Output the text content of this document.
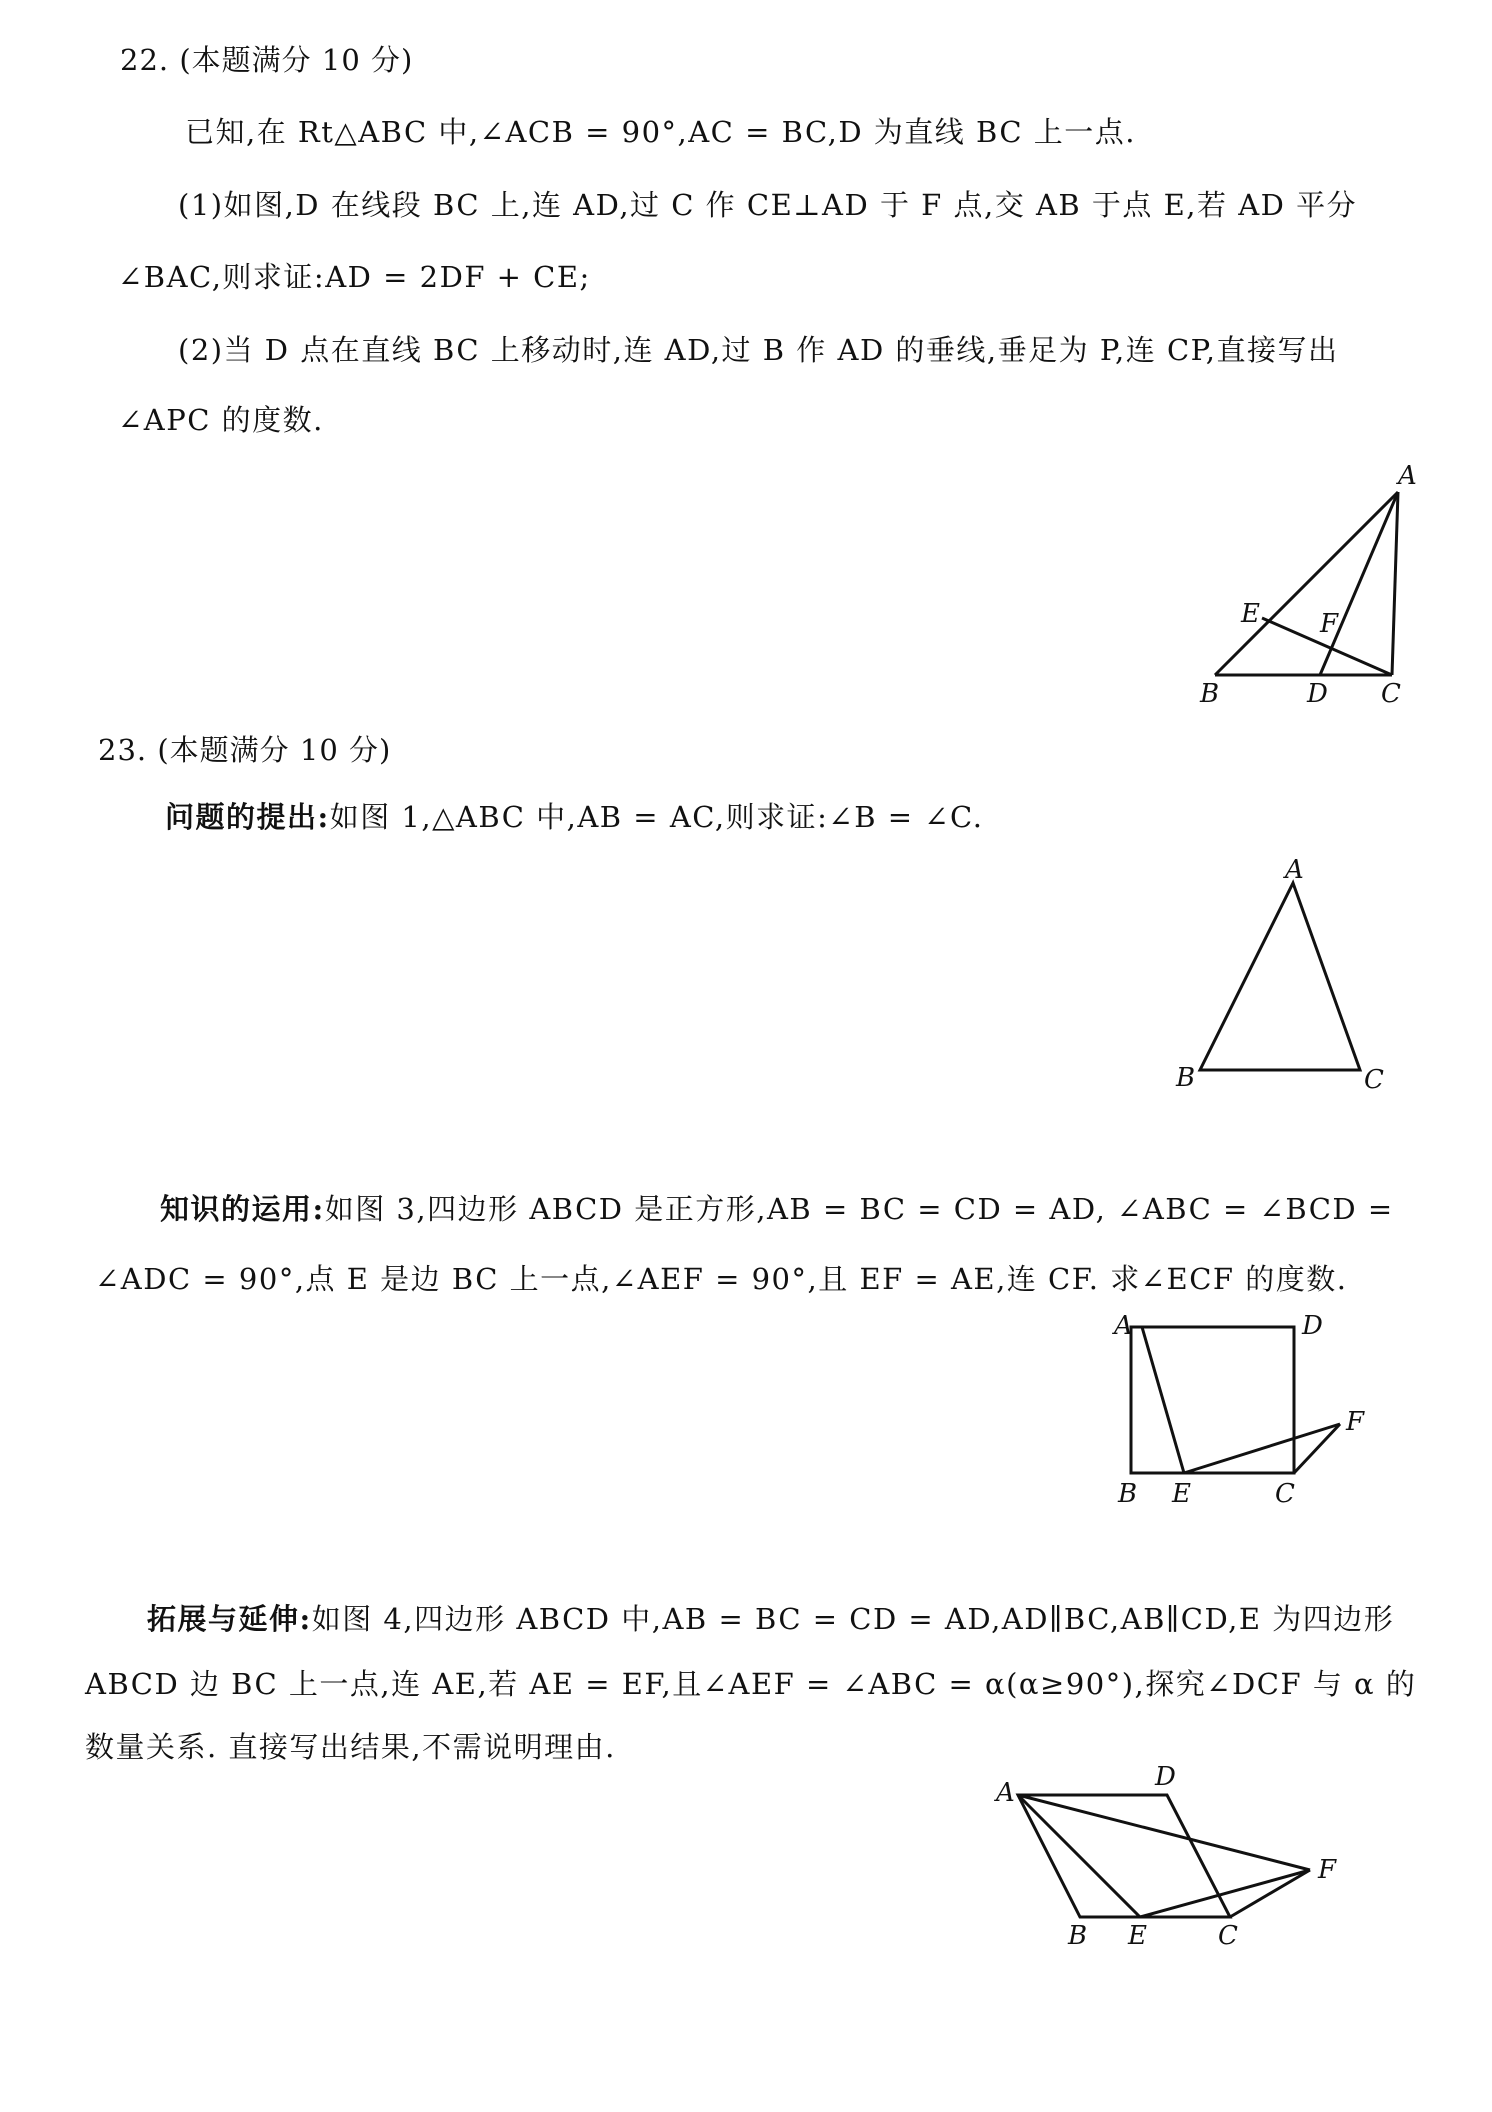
22. (本题满分 10 分)
已知,在 Rt△ABC 中,∠ACB = 90°,AC = BC,D 为直线 BC 上一点.
(1)如图,D 在线段 BC 上,连 AD,过 C 作 CE⊥AD 于 F 点,交 AB 于点 E,若 AD 平分
∠BAC,则求证:AD = 2DF + CE;
(2)当 D 点在直线 BC 上移动时,连 AD,过 B 作 AD 的垂线,垂足为 P,连 CP,直接写出
∠APC 的度数.
A
B	C
D
E F
23. (本题满分 10 分)
问题的提出:如图 1,△ABC 中,AB = AC,则求证:∠B = ∠C.
A
B	C
知识的运用:如图 3,四边形 ABCD 是正方形,AB = BC = CD = AD, ∠ABC = ∠BCD =
∠ADC = 90°,点 E 是边 BC 上一点,∠AEF = 90°,且 EF = AE,连 CF. 求∠ECF 的度数.
A	D
B E	C
F
拓展与延伸:如图 4,四边形 ABCD 中,AB = BC = CD = AD,AD∥BC,AB∥CD,E 为四边形
ABCD 边 BC 上一点,连 AE,若 AE = EF,且∠AEF = ∠ABC = α(α≥90°),探究∠DCF 与 α 的
数量关系. 直接写出结果,不需说明理由.
A
D
B E	C
F
